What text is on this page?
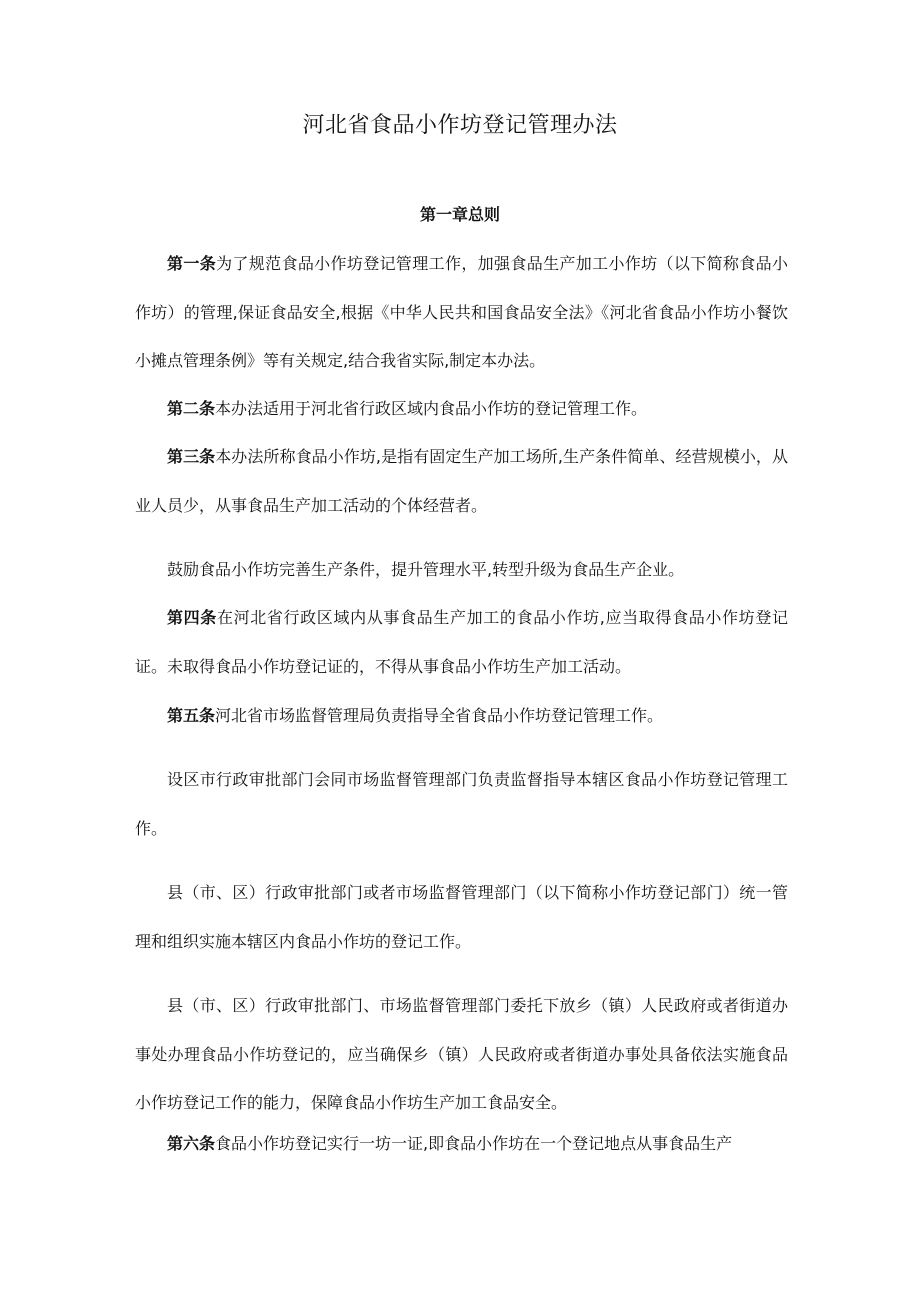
河北省食品小作坊登记管理办法
第一章总则

第一条为了规范食品小作坊登记管理工作，加强食品生产加工小作坊（以下简称食品小作坊）的管理,保证食品安全,根据《中华人民共和国食品安全法》《河北省食品小作坊小餐饮小摊点管理条例》等有关规定,结合我省实际,制定本办法。

第二条本办法适用于河北省行政区域内食品小作坊的登记管理工作。

第三条本办法所称食品小作坊,是指有固定生产加工场所,生产条件简单、经营规模小，从业人员少，从事食品生产加工活动的个体经营者。

鼓励食品小作坊完善生产条件，提升管理水平,转型升级为食品生产企业。

第四条在河北省行政区域内从事食品生产加工的食品小作坊,应当取得食品小作坊登记证。未取得食品小作坊登记证的，不得从事食品小作坊生产加工活动。

第五条河北省市场监督管理局负责指导全省食品小作坊登记管理工作。

设区市行政审批部门会同市场监督管理部门负责监督指导本辖区食品小作坊登记管理工作。

县（市、区）行政审批部门或者市场监督管理部门（以下简称小作坊登记部门）统一管理和组织实施本辖区内食品小作坊的登记工作。

县（市、区）行政审批部门、市场监督管理部门委托下放乡（镇）人民政府或者街道办事处办理食品小作坊登记的，应当确保乡（镇）人民政府或者街道办事处具备依法实施食品小作坊登记工作的能力，保障食品小作坊生产加工食品安全。

第六条食品小作坊登记实行一坊一证,即食品小作坊在一个登记地点从事食品生产
